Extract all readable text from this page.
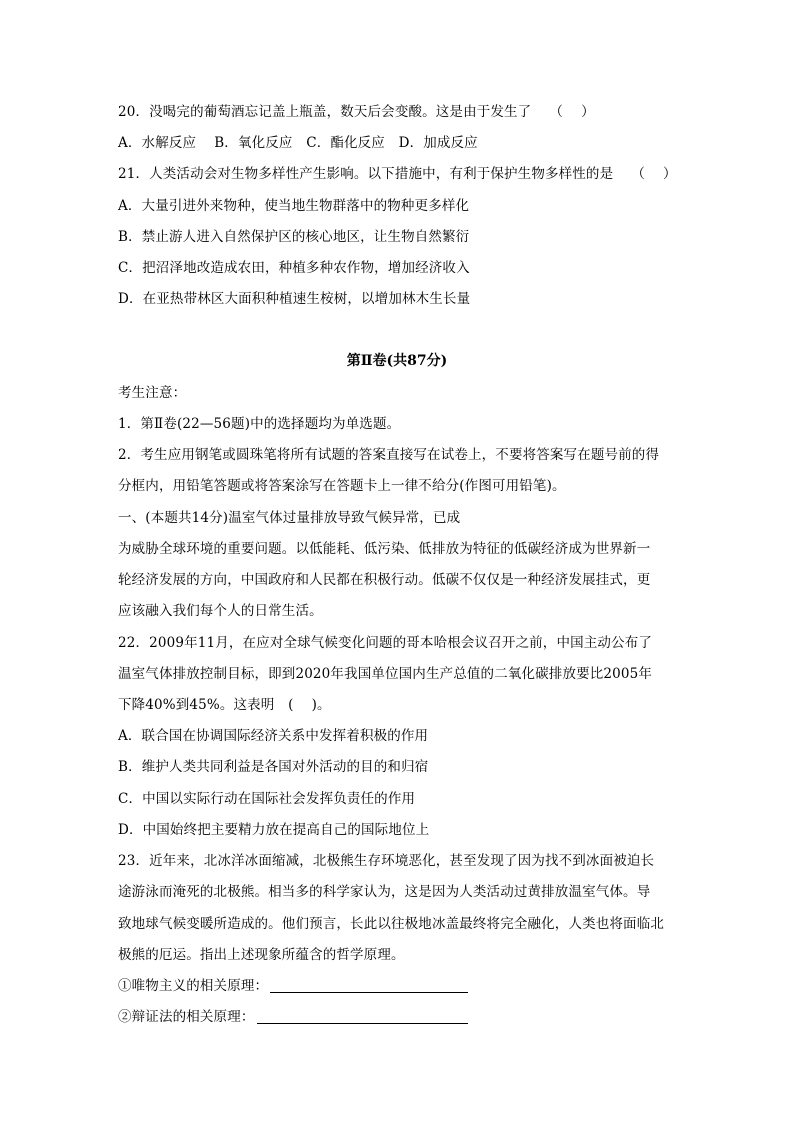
20．没喝完的葡萄酒忘记盖上瓶盖，数天后会变酸。这是由于发生了　 （　 ）
A．水解反应　 B．氧化反应　C．酯化反应　D．加成反应
21．人类活动会对生物多样性产生影响。以下措施中，有利于保护生物多样性的是　 （　 ）
A．大量引进外来物种，使当地生物群落中的物种更多样化
B．禁止游人进入自然保护区的核心地区，让生物自然繁衍
C．把沼泽地改造成农田，种植多种农作物，增加经济收入
D．在亚热带林区大面积种植速生桉树，以增加林木生长量
第Ⅱ卷(共87分)
考生注意：
1．第Ⅱ卷(22—56题)中的选择题均为单选题。
2．考生应用钢笔或圆珠笔将所有试题的答案直接写在试卷上，不要将答案写在题号前的得
分框内，用铅笔答题或将答案涂写在答题卡上一律不给分(作图可用铅笔)。
一、(本题共14分)温室气体过量排放导致气候异常，已成
为威胁全球环境的重要问题。以低能耗、低污染、低排放为特征的低碳经济成为世界新一
轮经济发展的方向，中国政府和人民都在积极行动。低碳不仅仅是一种经济发展挂式，更
应该融入我们每个人的日常生活。
22．2009年11月，在应对全球气候变化问题的哥本哈根会议召开之前，中国主动公布了
温室气体排放控制目标，即到2020年我国单位国内生产总值的二氧化碳排放要比2005年
下降40%到45%。这表明　(　 )。
A．联合国在协调国际经济关系中发挥着积极的作用
B．维护人类共同利益是各国对外活动的目的和归宿
C．中国以实际行动在国际社会发挥负责任的作用
D．中国始终把主要精力放在提高自己的国际地位上
23．近年来，北冰洋冰面缩减，北极熊生存环境恶化，甚至发现了因为找不到冰面被迫长
途游泳而淹死的北极熊。相当多的科学家认为，这是因为人类活动过黄排放温室气体。导
致地球气候变暖所造成的。他们预言，长此以往极地冰盖最终将完全融化，人类也将面临北
极熊的厄运。指出上述现象所蕴含的哲学原理。
①唯物主义的相关原理：
②辩证法的相关原理：
